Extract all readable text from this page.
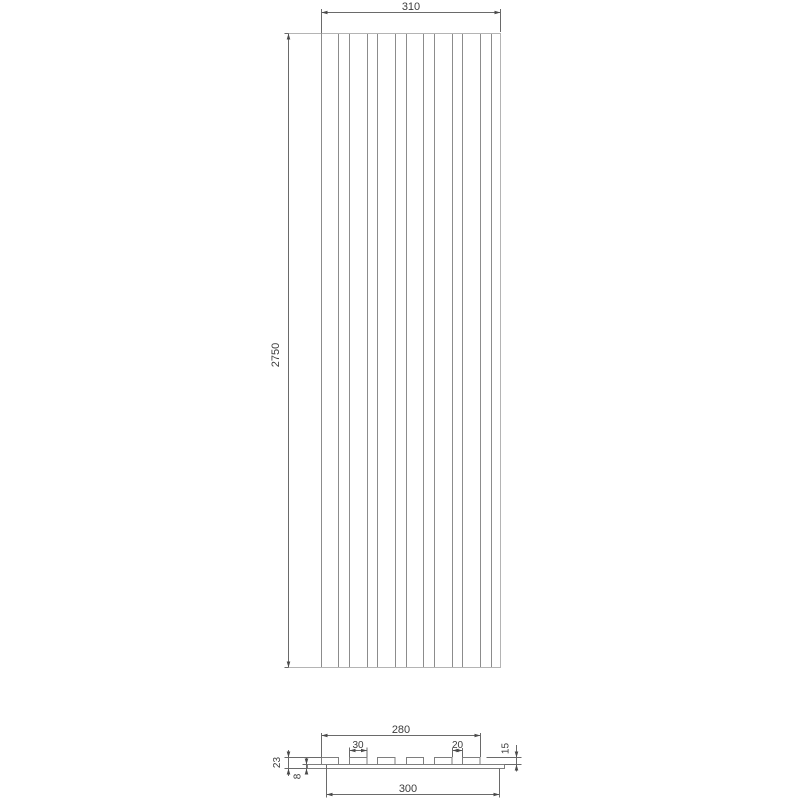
310
2750
280
30	20
300
15
23
8
